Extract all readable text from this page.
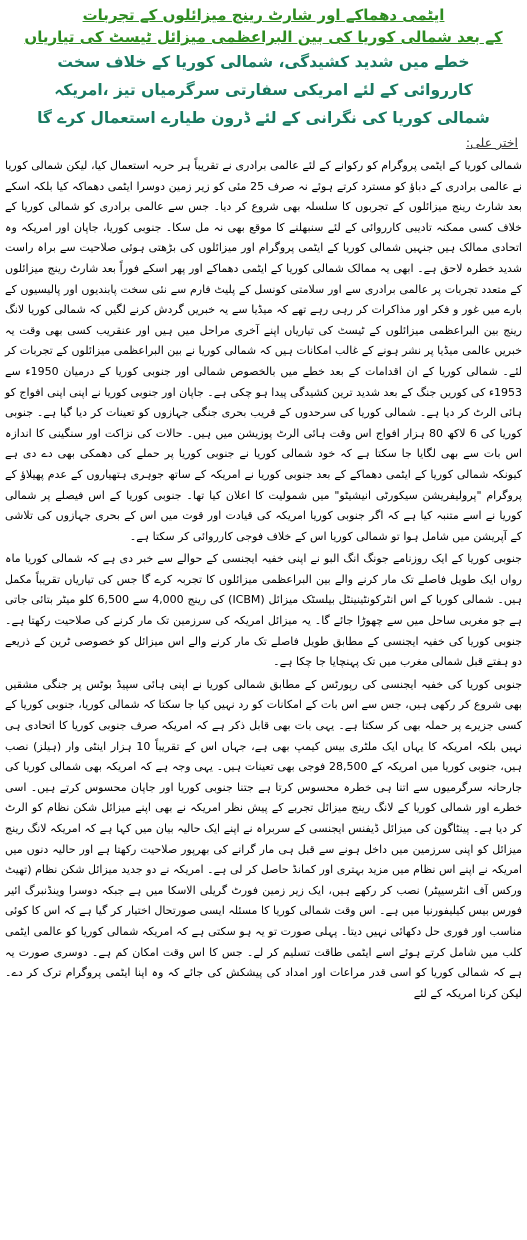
ایٹمی دھماکے اور شارٹ رینج میزائلوں کے تجربات
کے بعد شمالی کوریا کی بین البراعظمی میزائل ٹیسٹ کی تیاریاں
خطے میں شدید کشیدگی، شمالی کوریا کے خلاف سخت
کارروائی کے لئے امریکی سفارتی سرگرمیاں تیز ،امریکہ
شمالی کوریا کی نگرانی کے لئے ڈرون طیارے استعمال کرے گا
اختر علی:

شمالی کوریا کے ایٹمی پروگرام کو رکوانے کے لئے عالمی برادری نے تقریباً ہر حربہ استعمال کیا، لیکن شمالی کوریا نے عالمی برادری کے دباؤ کو مسترد کرتے ہوئے نہ صرف 25 مئی کو زیر زمین دوسرا ایٹمی دھماکہ کیا بلکہ اسکے بعد شارٹ رینج میزائلوں کے تجربوں کا سلسلہ بھی شروع کر دیا۔ جس سے عالمی برادری کو شمالی کوریا کے خلاف کسی ممکنہ تادیبی کارروائی کے لئے سنبھلنے کا موقع بھی نہ مل سکا۔ جنوبی کوریا، جاپان اور امریکہ وہ اتحادی ممالک ہیں جنہیں شمالی کوریا کے ایٹمی پروگرام اور میزائلوں کی بڑھتی ہوئی صلاحیت سے براہ راست شدید خطرہ لاحق ہے۔ ابھی یہ ممالک شمالی کوریا کے ایٹمی دھماکے اور پھر اسکے فوراً بعد شارٹ رینج میزائلوں کے متعدد تجربات پر عالمی برادری سے اور سلامتی کونسل کے پلیٹ فارم سے نئی سخت پابندیوں اور پالیسیوں کے بارے میں غور و فکر اور مذاکرات کر رہی رہے تھے کہ میڈیا سے یہ خبریں گردش کرنے لگیں کہ شمالی کوریا لانگ رینج بین البراعظمی میزائلوں کے ٹیسٹ کی تیاریاں اپنے آخری مراحل میں ہیں اور عنقریب کسی بھی وقت یہ خبریں عالمی میڈیا پر نشر ہونے کے غالب امکانات ہیں کہ شمالی کوریا نے بین البراعظمی میزائلوں کے تجربات کر لئے۔ شمالی کوریا کے ان اقدامات کے بعد خطے میں بالخصوص شمالی اور جنوبی کوریا کے درمیان 1950ء سے 1953ء کی کوریں جنگ کے بعد شدید ترین کشیدگی پیدا ہو چکی ہے۔ جاپان اور جنوبی کوریا نے اپنی اپنی افواج کو ہائی الرٹ کر دیا ہے۔ شمالی کوریا کی سرحدوں کے قریب بحری جنگی جہازوں کو تعینات کر دیا گیا ہے۔ جنوبی کوریا کی 6 لاکھ 80 ہزار افواج اس وقت ہائی الرٹ پوزیشن میں ہیں۔ حالات کی نزاکت اور سنگینی کا اندازہ اس بات سے بھی لگایا جا سکتا ہے کہ خود شمالی کوریا نے جنوبی کوریا پر حملے کی دھمکی بھی دے دی ہے کیونکہ شمالی کوریا کے ایٹمی دھماکے کے بعد جنوبی کوریا نے امریکہ کے ساتھ جوہری ہتھیاروں کے عدم پھیلاؤ کے پروگرام "پرولیفریشن سیکورٹی انیشیٹو" میں شمولیت کا اعلان کیا تھا۔ جنوبی کوریا کے اس فیصلے پر شمالی کوریا نے اسے متنبہ کیا ہے کہ اگر جنوبی کوریا امریکہ کی قیادت اور قوت میں اس کے بحری جہازوں کی تلاشی کے آپریشن میں شامل ہوا تو شمالی کوریا اس کے خلاف فوجی کارروائی کر سکتا ہے۔

جنوبی کوریا کے ایک روزنامے جونگ انگ البو نے اپنی خفیہ ایجنسی کے حوالے سے خبر دی ہے کہ شمالی کوریا ماہ رواں ایک طویل فاصلے تک مار کرنے والے بین البراعظمی میزائلوں کا تجربہ کرے گا جس کی تیاریاں تقریباً مکمل ہیں۔ شمالی کوریا کے اس انٹرکونٹینینٹل بیلسٹک میزائل (ICBM) کی رینج 4,000 سے 6,500 کلو میٹر بتائی جاتی ہے جو مغربی ساحل میں سے چھوڑا جائے گا۔ یہ میزائل امریکہ کی سرزمین تک مار کرنے کی صلاحیت رکھتا ہے۔ جنوبی کوریا کی خفیہ ایجنسی کے مطابق طویل فاصلے تک مار کرنے والے اس میزائل کو خصوصی ٹرین کے ذریعے دو ہفتے قبل شمالی مغرب میں تک پہنچایا جا چکا ہے۔

جنوبی کوریا کی خفیہ ایجنسی کی رپورٹس کے مطابق شمالی کوریا نے اپنی ہائی سپیڈ بوٹس پر جنگی مشقیں بھی شروع کر رکھی ہیں، جس سے اس بات کے امکانات کو رد نہیں کیا جا سکتا کہ شمالی کوریا، جنوبی کوریا کے کسی جزیرے پر حملہ بھی کر سکتا ہے۔ یہی بات بھی قابل ذکر ہے کہ امریکہ صرف جنوبی کوریا کا اتحادی ہی نہیں بلکہ امریکہ کا یہاں ایک ملٹری بیس کیمپ بھی ہے، جہاں اس کے تقریباً 10 ہزار اینٹی وار (ہیلز) نصب ہیں، جنوبی کوریا میں امریکہ کے 28,500 فوجی بھی تعینات ہیں۔ یہی وجہ ہے کہ امریکہ بھی شمالی کوریا کی جارحانہ سرگرمیوں سے اتنا ہی خطرہ محسوس کرتا ہے جتنا جنوبی کوریا اور جاپان محسوس کرتے ہیں۔ اسی خطرے اور شمالی کوریا کے لانگ رینج میزائل تجربے کے پیش نظر امریکہ نے بھی اپنے میزائل شکن نظام کو الرٹ کر دیا ہے۔ پینٹاگون کی میزائل ڈیفنس ایجنسی کے سربراہ نے اپنے ایک حالیہ بیان میں کہا ہے کہ امریکہ لانگ رینج میزائل کو اپنی سرزمین میں داخل ہونے سے قبل ہی مار گرانے کی بھرپور صلاحیت رکھتا ہے اور حالیہ دنوں میں امریکہ نے اپنے اس نظام میں مزید بہتری اور کمانڈ حاصل کر لی ہے۔ امریکہ نے دو جدید میزائل شکن نظام (تھیٹ ورکس آف انٹرسیپٹر) نصب کر رکھے ہیں، ایک زیر زمین فورٹ گریلی الاسکا میں ہے جبکہ دوسرا وینڈنبرگ ائیر فورس بیس کیلیفورنیا میں ہے۔ اس وقت شمالی کوریا کا مسئلہ ایسی صورتحال اختیار کر گیا ہے کہ اس کا کوئی مناسب اور فوری حل دکھائی نہیں دیتا۔ پہلی صورت تو یہ ہو سکتی ہے کہ امریکہ شمالی کوریا کو عالمی ایٹمی کلب میں شامل کرتے ہوئے اسے ایٹمی طاقت تسلیم کر لے۔ جس کا اس وقت امکان کم ہے۔ دوسری صورت یہ ہے کہ شمالی کوریا کو اسی قدر مراعات اور امداد کی پیشکش کی جائے کہ وہ اپنا ایٹمی پروگرام ترک کر دے۔ لیکن کرنا امریکہ کے لئے
